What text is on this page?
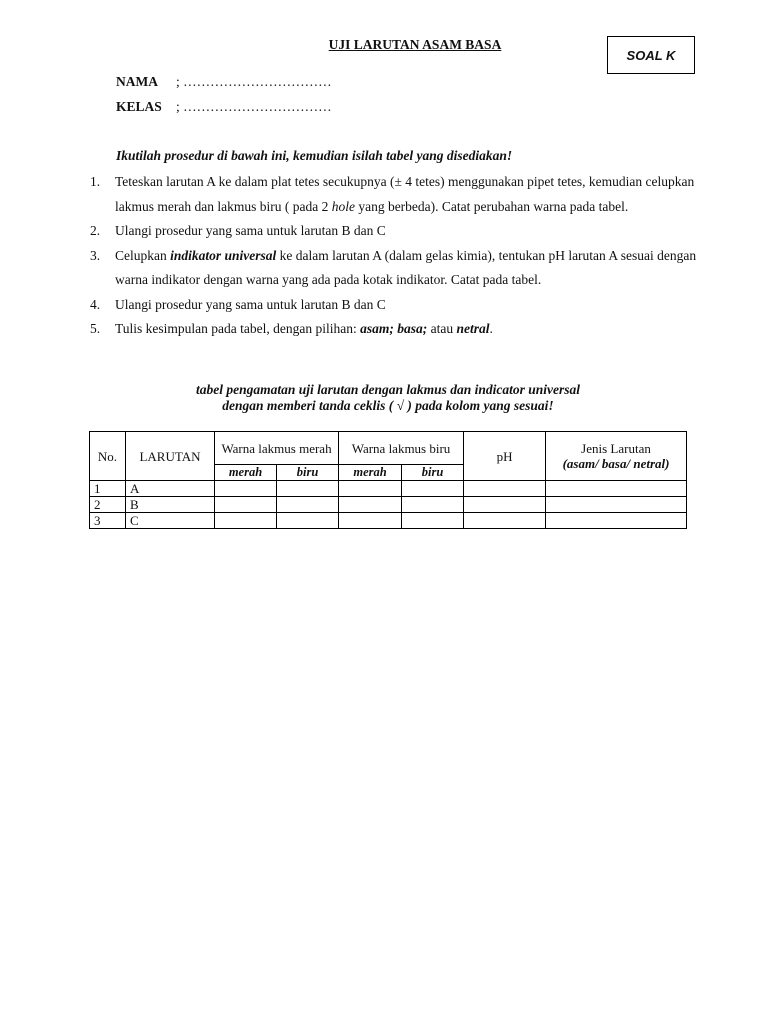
UJI LARUTAN ASAM BASA
SOAL K
NAMA ; ……………………………
KELAS ; ……………………………
Ikutilah prosedur di bawah ini, kemudian isilah tabel yang disediakan!
1.	Teteskan larutan A ke dalam plat tetes secukupnya (± 4 tetes) menggunakan pipet tetes, kemudian celupkan lakmus merah dan lakmus biru ( pada 2 hole yang berbeda). Catat perubahan warna pada tabel.
2.	Ulangi prosedur yang sama untuk larutan B dan C
3.	Celupkan indikator universal ke dalam larutan A (dalam gelas kimia), tentukan pH larutan A sesuai dengan warna indikator dengan warna yang ada pada kotak indikator. Catat pada tabel.
4.	Ulangi prosedur yang sama untuk larutan B dan C
5.	Tulis kesimpulan pada tabel, dengan pilihan: asam; basa; atau netral.
tabel pengamatan uji larutan dengan lakmus dan indicator universal
dengan memberi tanda ceklis ( √ ) pada kolom yang sesuai!
No.	LARUTAN	Warna lakmus merah		Warna lakmus biru		pH	Jenis Larutan
(asam/ basa/ netral)

		merah	biru	merah	biru		
1	A						
2	B						
3	C						
